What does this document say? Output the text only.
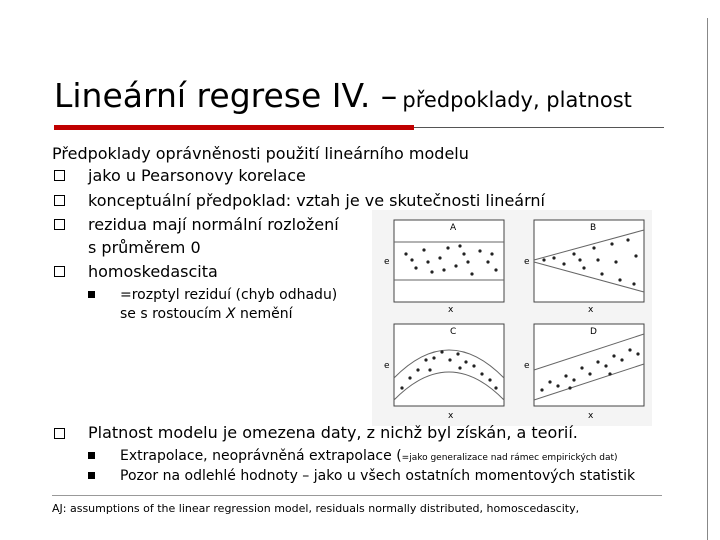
Lineární regrese IV. – předpoklady, platnost
Předpoklady oprávněnosti použití lineárního modelu
jako u Pearsonovy korelace
konceptuální předpoklad: vztah je ve skutečnosti lineární
rezidua mají normální rozložení
s průměrem 0
homoskedascita
=rozptyl reziduí (chyb odhadu)
se s rostoucím X nemění
A
e
x
B
e
x
C
e
x
D
e
x
Platnost modelu je omezena daty, z nichž byl získán, a teorií.
Extrapolace, neoprávněná extrapolace (=jako generalizace nad rámec empirických dat)
Pozor na odlehlé hodnoty – jako u všech ostatních momentových statistik
AJ: assumptions of the linear regression model, residuals normally distributed, homoscedascity,
